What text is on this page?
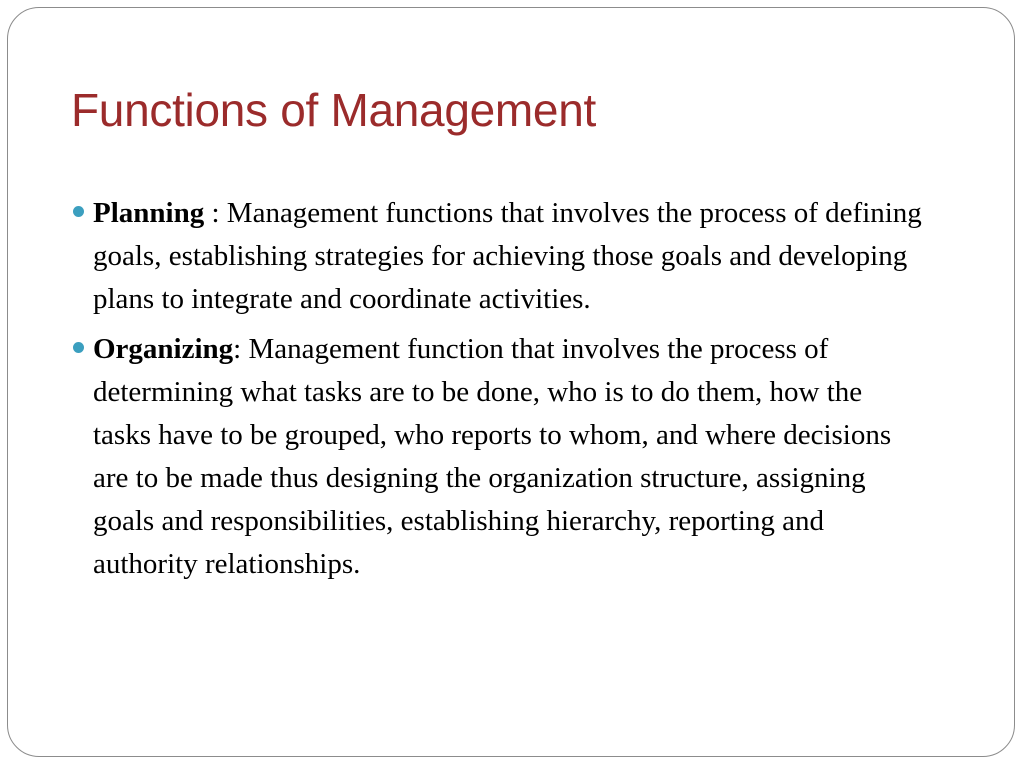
Functions of Management
Planning : Management functions that involves the process of defining goals, establishing strategies for achieving those goals and developing plans to integrate and coordinate activities.
Organizing: Management function that involves the process of determining what tasks are to be done, who is to do them, how the tasks have to be grouped, who reports to whom, and where decisions are to be made thus designing the organization structure, assigning goals and responsibilities, establishing hierarchy, reporting and authority relationships.
